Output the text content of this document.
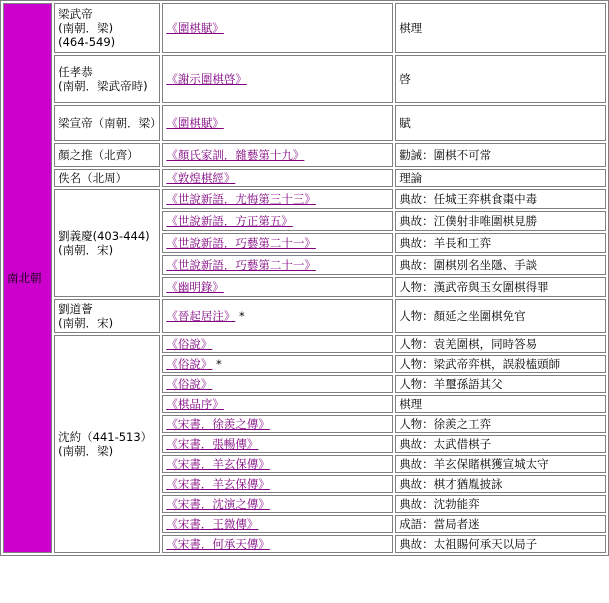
南北朝	梁武帝
(南朝．梁)
(464-549)	《圍棋賦》	棋理
	任孝恭
(南朝．梁武帝時)	《謝示圍棋啓》	啓
	梁宣帝（南朝．梁）	《圍棋賦》	賦
	顏之推（北齊）	《顏氏家訓．雜藝第十九》	勸誡：圍棋不可常
	佚名（北周）	《敦煌棋經》	理論
	劉義慶(403-444)
(南朝．宋)	《世說新語．尤悔第三十三》	典故：任城王弈棋食棗中毒
		《世說新語．方正第五》	典故：江僕射非唯圍棋見勝
		《世說新語．巧藝第二十一》	典故：羊長和工弈
		《世說新語．巧藝第二十一》	典故：圍棋別名坐隱、手談
		《幽明錄》	人物：漢武帝與玉女圍棋得罪
	劉道薈
(南朝．宋)	《晉起居注》 *	人物：顏延之坐圍棋免官
	沈約（441-513）
(南朝．梁)	《俗說》	人物：袁羌圍棋，同時答易
		《俗說》 *	人物：梁武帝弈棋，誤殺榼頭師
		《俗說》	人物：羊璽孫語其父
		《棋品序》	棋理
		《宋書．徐羨之傳》	人物：徐羨之工弈
		《宋書．張暢傳》	典故：太武借棋子
		《宋書．羊玄保傳》	典故：羊玄保賭棋獲宣城太守
		《宋書．羊玄保傳》	典故：棋才猶胤披詠
		《宋書．沈演之傳》	典故：沈勃能弈
		《宋書．王微傳》	成語：當局者迷
		《宋書．何承天傳》	典故：太祖賜何承天以局子
